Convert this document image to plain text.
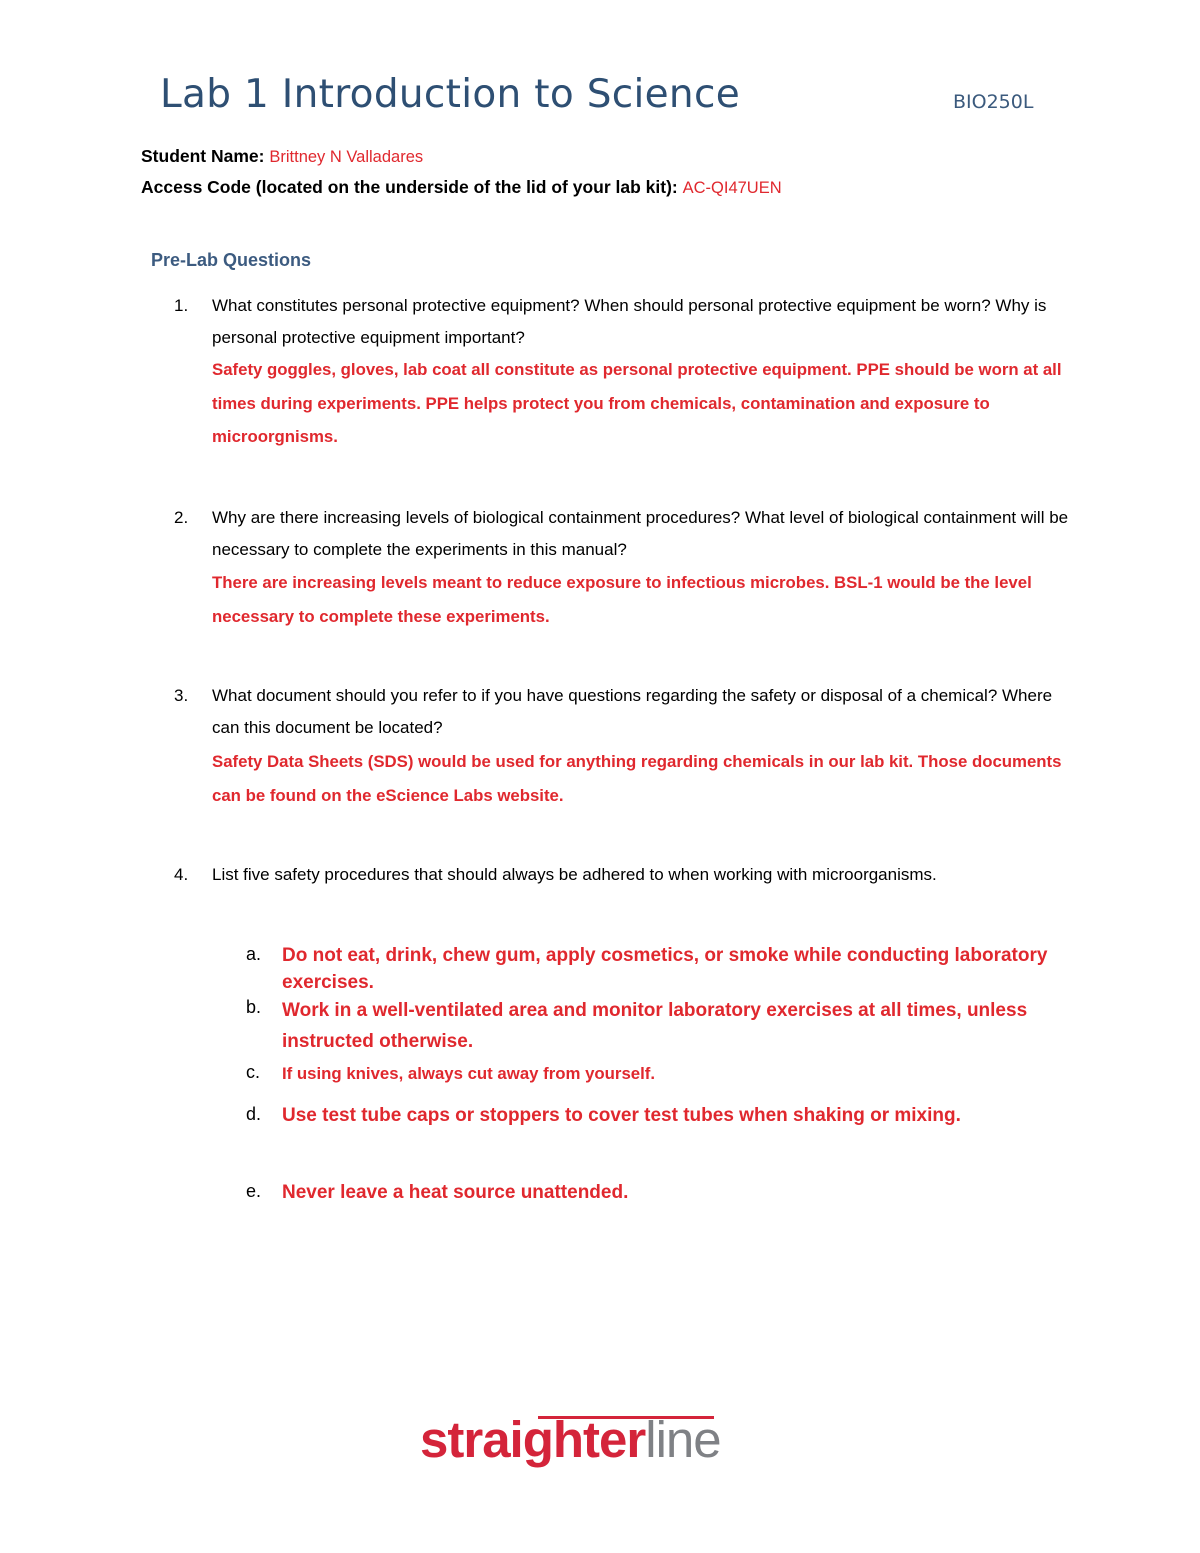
Lab 1 Introduction to Science	BIO250L
Student Name: Brittney N Valladares
Access Code (located on the underside of the lid of your lab kit): AC-QI47UEN
Pre-Lab Questions
1. What constitutes personal protective equipment? When should personal protective equipment be worn? Why is personal protective equipment important?
Safety goggles, gloves, lab coat all constitute as personal protective equipment. PPE should be worn at all times during experiments. PPE helps protect you from chemicals, contamination and exposure to microorgnisms.
2. Why are there increasing levels of biological containment procedures? What level of biological containment will be necessary to complete the experiments in this manual?
There are increasing levels meant to reduce exposure to infectious microbes. BSL-1 would be the level necessary to complete these experiments.
3. What document should you refer to if you have questions regarding the safety or disposal of a chemical? Where can this document be located?
Safety Data Sheets (SDS) would be used for anything regarding chemicals in our lab kit. Those documents can be found on the eScience Labs website.
4. List five safety procedures that should always be adhered to when working with microorganisms.
a. Do not eat, drink, chew gum, apply cosmetics, or smoke while conducting laboratory exercises.
b. Work in a well-ventilated area and monitor laboratory exercises at all times, unless instructed otherwise.
c. If using knives, always cut away from yourself.
d. Use test tube caps or stoppers to cover test tubes when shaking or mixing.
e. Never leave a heat source unattended.
straighterline
